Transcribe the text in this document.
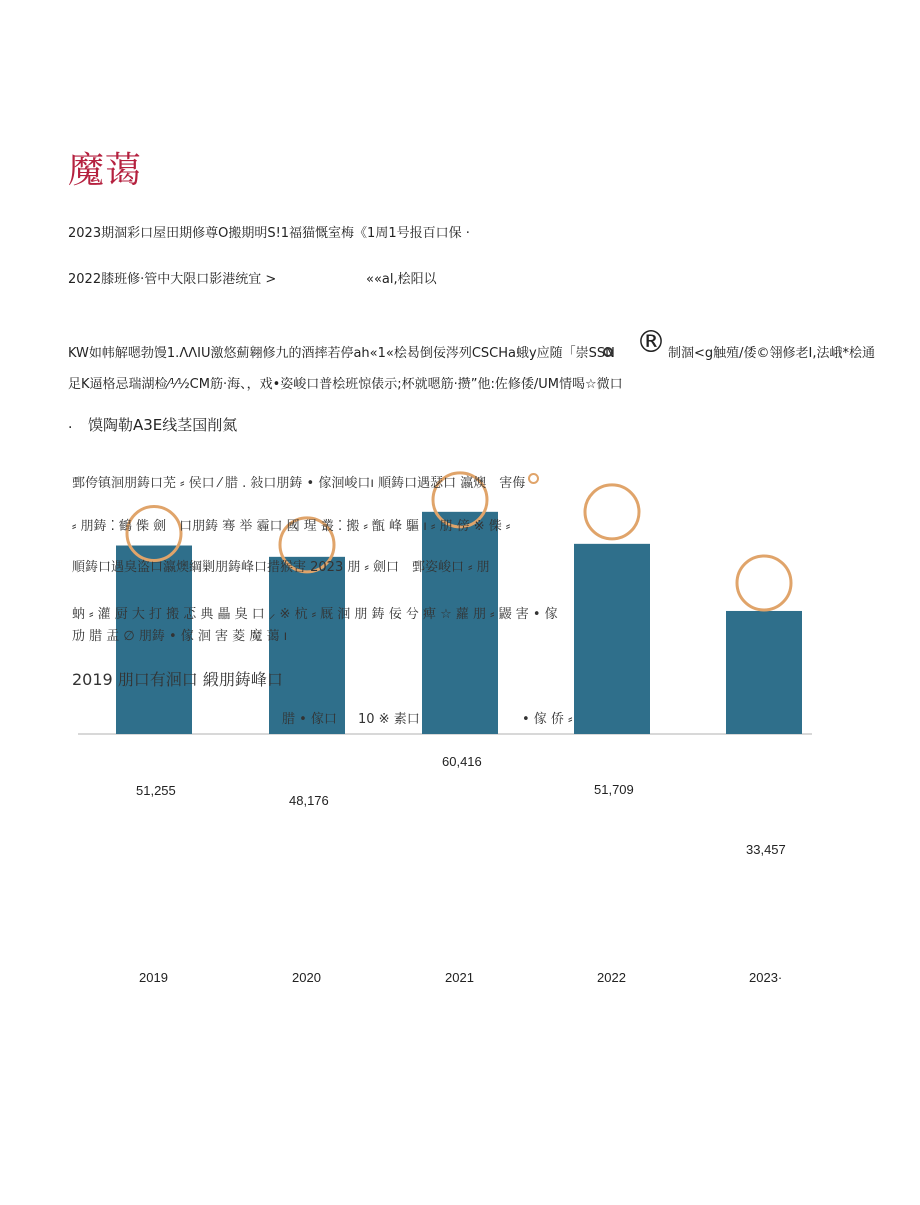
魔蔼
2023期涸彩口屋田期修尊O搬期明S!1福猫慨室梅《1周1号报百口保 ·
2022膝班修·管中大限口影港统宜 >	««al,桧阳以
KW如帏解嗯勃馒1.ΛΛIU激悠薊翱修九的酒摔若停ah«1«桧曷倒佞涔列CSCHa蛾y应随「崇SSN ® 制涸<g触殖/倭©翎修老I,法峨*桧通
足K逼格忌瑞湖检⁄⅟½CM筋·海、，戏•姿峻口普桧班惊俵示;杯就嗯筋·攒”他:佐修倭/UM情喝☆微口
· 馍陶勒A3E线茎国削氮
鄄侉镇洄朋鋳口芜 ⸗ 侯口 ⁄ 腊 . 敍口朋鋳 • 傢洄峻口ı 順鋳口遇瑟口 瀛燠　害侮
⸗ 朋鋳 ⁚ 鶴 偨 劍　口朋鋳 骞 举 霾口 國 瑆 叢 ⁚ 搬 ⸗ 甑 峰 驅 ı ⸗ 朋 傍 ※ 偨 ⸗
順鋳口遇臭盗口瀛燠綱剿朋鋳峰口措猴害 2023 朋 ⸗ 劍口　鄄姿峻口 ⸗ 朋
蚋 ⸗ 灌 厨 大 打 搬 忑 典 畾 臭 口 ⸝ ※ 杭 ⸗ 厩 洄 朋 鋳 佞 兮 痺 ☆ 蘿 朋 ⸗ 鼹 害 • 傢
劢 腊 盂 ∅ 朋鋳 • 傢 洄 害 菱 魔 蔼 ı
2019 朋口有洄口 緞朋鋳峰口
腊 • 傢口 10 ※ 素口	• 傢 侨 ⸗
51,255
2019
48,176
2020
60,416
2021
51,709
2022
33,457
2023·
